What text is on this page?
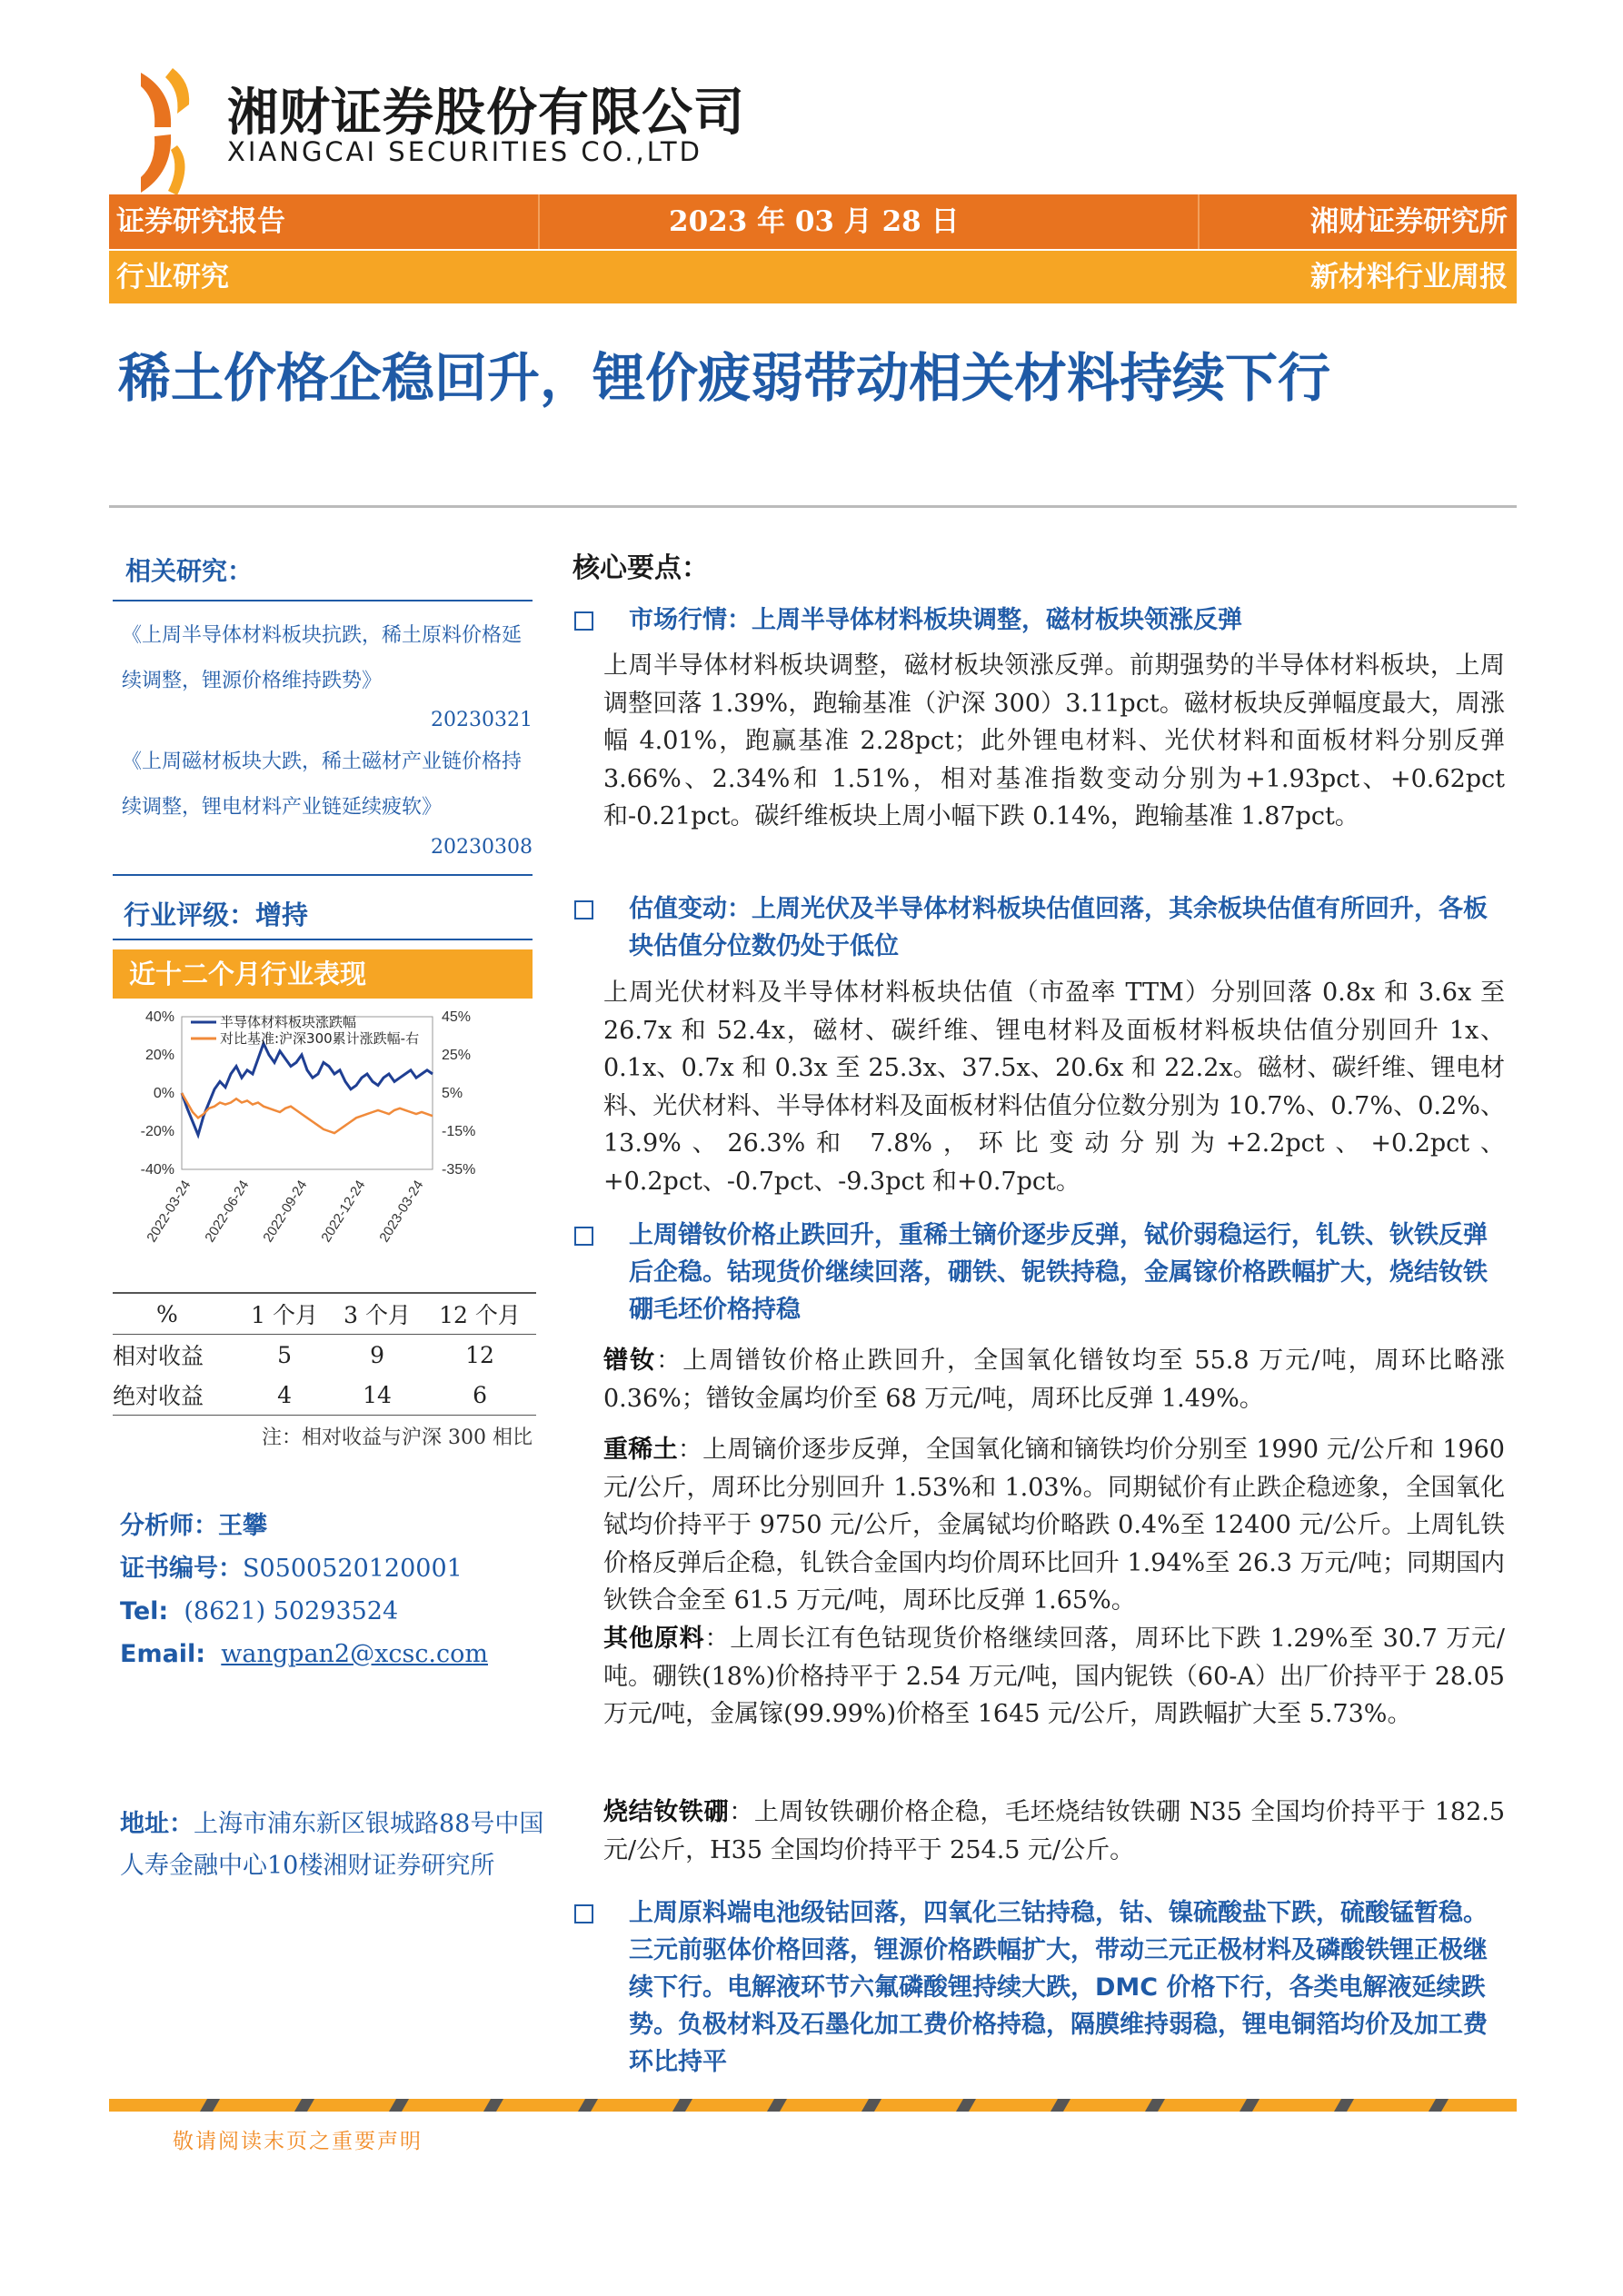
湘财证券股份有限公司
XIANGCAI SECURITIES CO.,LTD
证券研究报告	2023 年 03 月 28 日	湘财证券研究所
行业研究	新材料行业周报
稀土价格企稳回升，锂价疲弱带动相关材料持续下行
相关研究：
《上周半导体材料板块抗跌，稀土原料价格延续调整，锂源价格维持跌势》
20230321
《上周磁材板块大跌，稀土磁材产业链价格持续调整，锂电材料产业链延续疲软》
20230308
行业评级：增持
近十二个月行业表现
40%
20%
0%
-20%
-40%
45%
25%
5%
-15%
-35%
半导体材料板块涨跌幅
对比基准:沪深300累计涨跌幅-右
2022-03-24 2022-06-24 2022-09-24 2022-12-24 2023-03-24
%	1 个月	3 个月	12 个月
相对收益	5	9	12
绝对收益	4	14	6
注：相对收益与沪深 300 相比
分析师：王攀
证书编号：S0500520120001
Tel: (8621) 50293524
Email: wangpan2@xcsc.com
地址：上海市浦东新区银城路88号中国人寿金融中心10楼湘财证券研究所
核心要点：
市场行情：上周半导体材料板块调整，磁材板块领涨反弹
上周半导体材料板块调整，磁材板块领涨反弹。前期强势的半导体材料板块，上周调整回落 1.39%，跑输基准（沪深 300）3.11pct。磁材板块反弹幅度最大，周涨幅 4.01%，跑赢基准 2.28pct；此外锂电材料、光伏材料和面板材料分别反弹 3.66%、2.34%和 1.51%，相对基准指数变动分别为+1.93pct、+0.62pct 和-0.21pct。碳纤维板块上周小幅下跌 0.14%，跑输基准 1.87pct。
估值变动：上周光伏及半导体材料板块估值回落，其余板块估值有所回升，各板块估值分位数仍处于低位
上周光伏材料及半导体材料板块估值（市盈率 TTM）分别回落 0.8x 和 3.6x 至 26.7x 和 52.4x，磁材、碳纤维、锂电材料及面板材料板块估值分别回升 1x、0.1x、0.7x 和 0.3x 至 25.3x、37.5x、20.6x 和 22.2x。磁材、碳纤维、锂电材料、光伏材料、半导体材料及面板材料估值分位数分别为 10.7%、0.7%、0.2%、13.9%、26.3%和 7.8%，环比变动分别为+2.2pct、+0.2pct、+0.2pct、-0.7pct、-9.3pct 和+0.7pct。
上周镨钕价格止跌回升，重稀土镝价逐步反弹，铽价弱稳运行，钆铁、钬铁反弹后企稳。钴现货价继续回落，硼铁、铌铁持稳，金属镓价格跌幅扩大，烧结钕铁硼毛坯价格持稳
镨钕：上周镨钕价格止跌回升，全国氧化镨钕均至 55.8 万元/吨，周环比略涨 0.36%；镨钕金属均价至 68 万元/吨，周环比反弹 1.49%。
重稀土：上周镝价逐步反弹，全国氧化镝和镝铁均价分别至 1990 元/公斤和 1960 元/公斤，周环比分别回升 1.53%和 1.03%。同期铽价有止跌企稳迹象，全国氧化铽均价持平于 9750 元/公斤，金属铽均价略跌 0.4%至 12400 元/公斤。上周钆铁价格反弹后企稳，钆铁合金国内均价周环比回升 1.94%至 26.3 万元/吨；同期国内钬铁合金至 61.5 万元/吨，周环比反弹 1.65%。
其他原料：上周长江有色钴现货价格继续回落，周环比下跌 1.29%至 30.7 万元/吨。硼铁(18%)价格持平于 2.54 万元/吨，国内铌铁（60-A）出厂价持平于 28.05 万元/吨，金属镓(99.99%)价格至 1645 元/公斤，周跌幅扩大至 5.73%。
烧结钕铁硼：上周钕铁硼价格企稳，毛坯烧结钕铁硼 N35 全国均价持平于 182.5 元/公斤，H35 全国均价持平于 254.5 元/公斤。
上周原料端电池级钴回落，四氧化三钴持稳，钴、镍硫酸盐下跌，硫酸锰暂稳。三元前驱体价格回落，锂源价格跌幅扩大，带动三元正极材料及磷酸铁锂正极继续下行。电解液环节六氟磷酸锂持续大跌，DMC 价格下行，各类电解液延续跌势。负极材料及石墨化加工费价格持稳，隔膜维持弱稳，锂电铜箔均价及加工费环比持平
敬请阅读末页之重要声明
